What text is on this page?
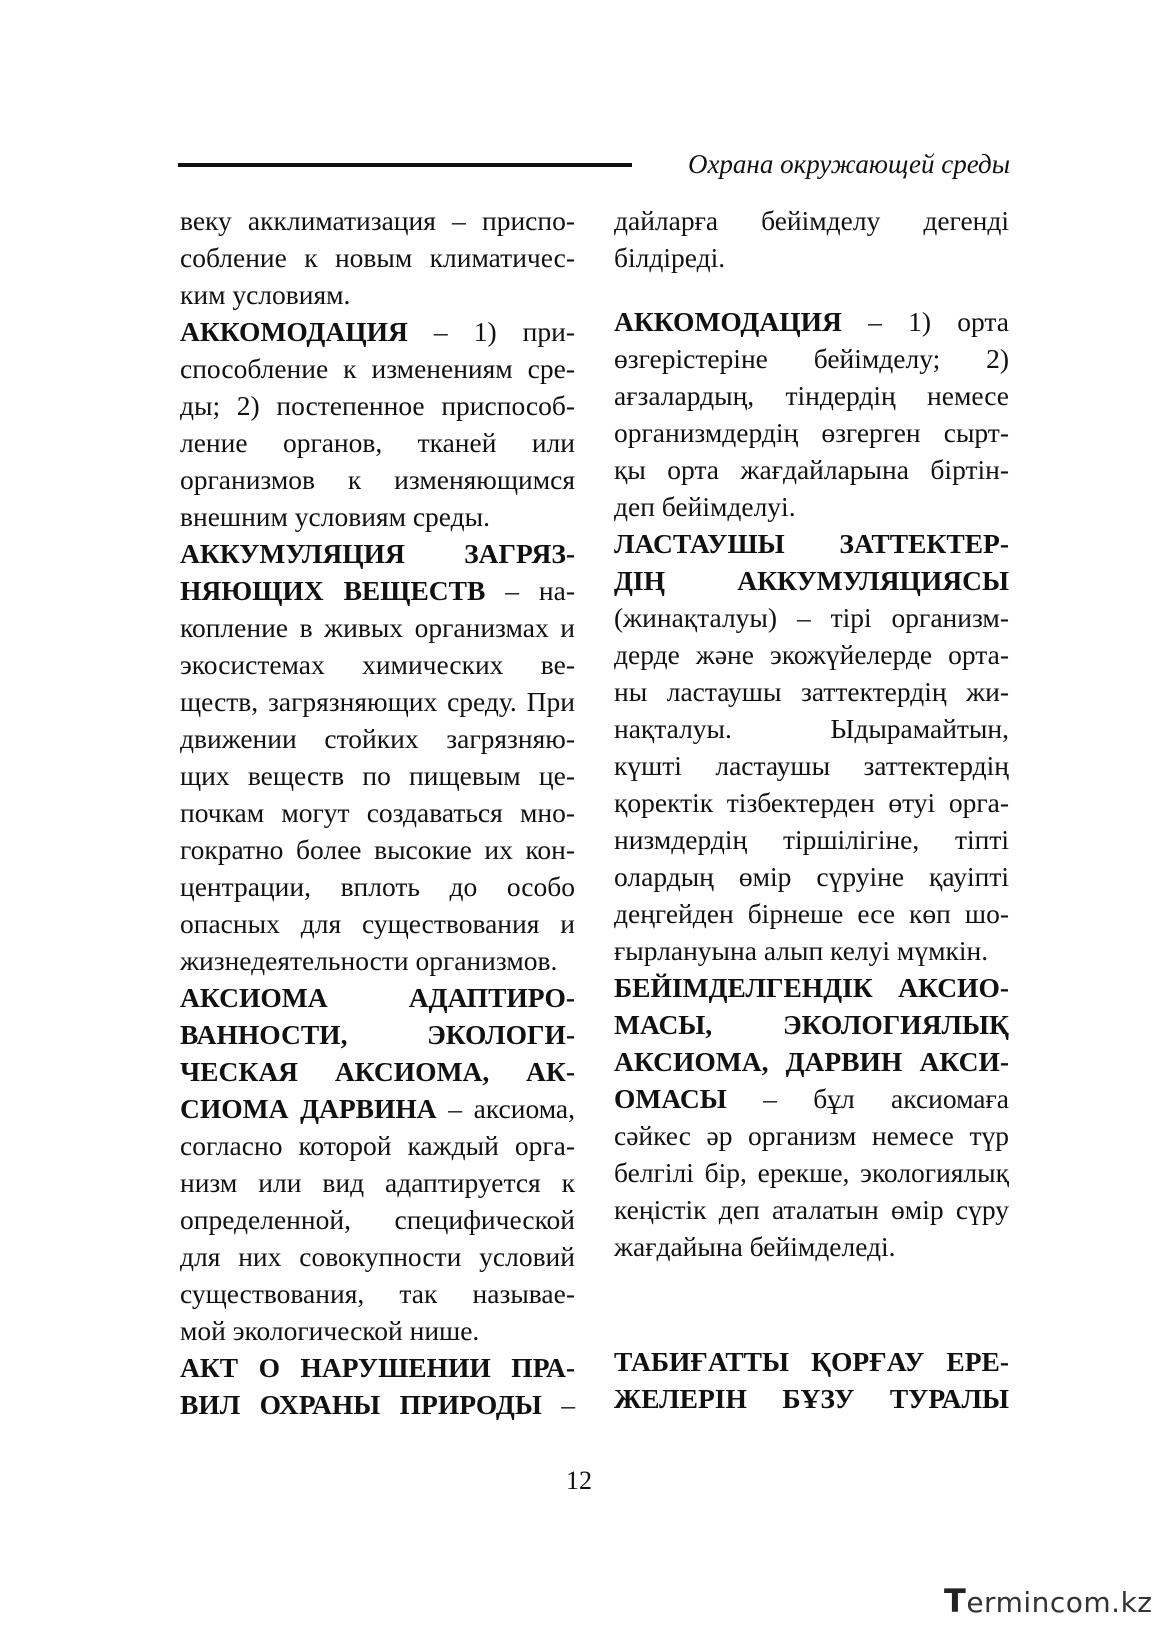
Охрана окружающей среды
веку акклиматизация – приспо-
собление к новым климатичес-
ким условиям.
АККОМОДАЦИЯ – 1) при-
способление к изменениям сре-
ды; 2) постепенное приспособ-
ление органов, тканей или
организмов к изменяющимся
внешним условиям среды.
АККУМУЛЯЦИЯ ЗАГРЯЗ-
НЯЮЩИХ ВЕЩЕСТВ – на-
копление в живых организмах и
экосистемах химических ве-
ществ, загрязняющих среду. При
движении стойких загрязняю-
щих веществ по пищевым це-
почкам могут создаваться мно-
гократно более высокие их кон-
центрации, вплоть до особо
опасных для существования и
жизнедеятельности организмов.
АКСИОМА АДАПТИРО-
ВАННОСТИ, ЭКОЛОГИ-
ЧЕСКАЯ АКСИОМА, АК-
СИОМА ДАРВИНА – аксиома,
согласно которой каждый орга-
низм или вид адаптируется к
определенной, специфической
для них совокупности условий
существования, так называе-
мой экологической нише.
АКТ О НАРУШЕНИИ ПРА-
ВИЛ ОХРАНЫ ПРИРОДЫ –
дайларға бейімделу дегенді
білдіреді.
АККОМОДАЦИЯ – 1) орта
өзгерістеріне бейімделу; 2)
ағзалардың, тіндердің немесе
организмдердің өзгерген сырт-
қы орта жағдайларына біртін-
деп бейімделуі.
ЛАСТАУШЫ ЗАТТЕКТЕР-
ДІҢ АККУМУЛЯЦИЯСЫ
(жинақталуы) – тірі организм-
дерде және экожүйелерде орта-
ны ластаушы заттектердің жи-
нақталуы. Ыдырамайтын,
күшті ластаушы заттектердің
қоректік тізбектерден өтуі орга-
низмдердің тіршілігіне, тіпті
олардың өмір сүруіне қауіпті
деңгейден бірнеше есе көп шо-
ғырлануына алып келуі мүмкін.
БЕЙІМДЕЛГЕНДІК АКСИО-
МАСЫ, ЭКОЛОГИЯЛЫҚ
АКСИОМА, ДАРВИН АКСИ-
ОМАСЫ – бұл аксиомаға
сәйкес әр организм немесе түр
белгілі бір, ерекше, экологиялық
кеңістік деп аталатын өмір сүру
жағдайына бейімделеді.
ТАБИҒАТТЫ ҚОРҒАУ ЕРЕ-
ЖЕЛЕРІН БҰЗУ ТУРАЛЫ
12
Termincom.kz
